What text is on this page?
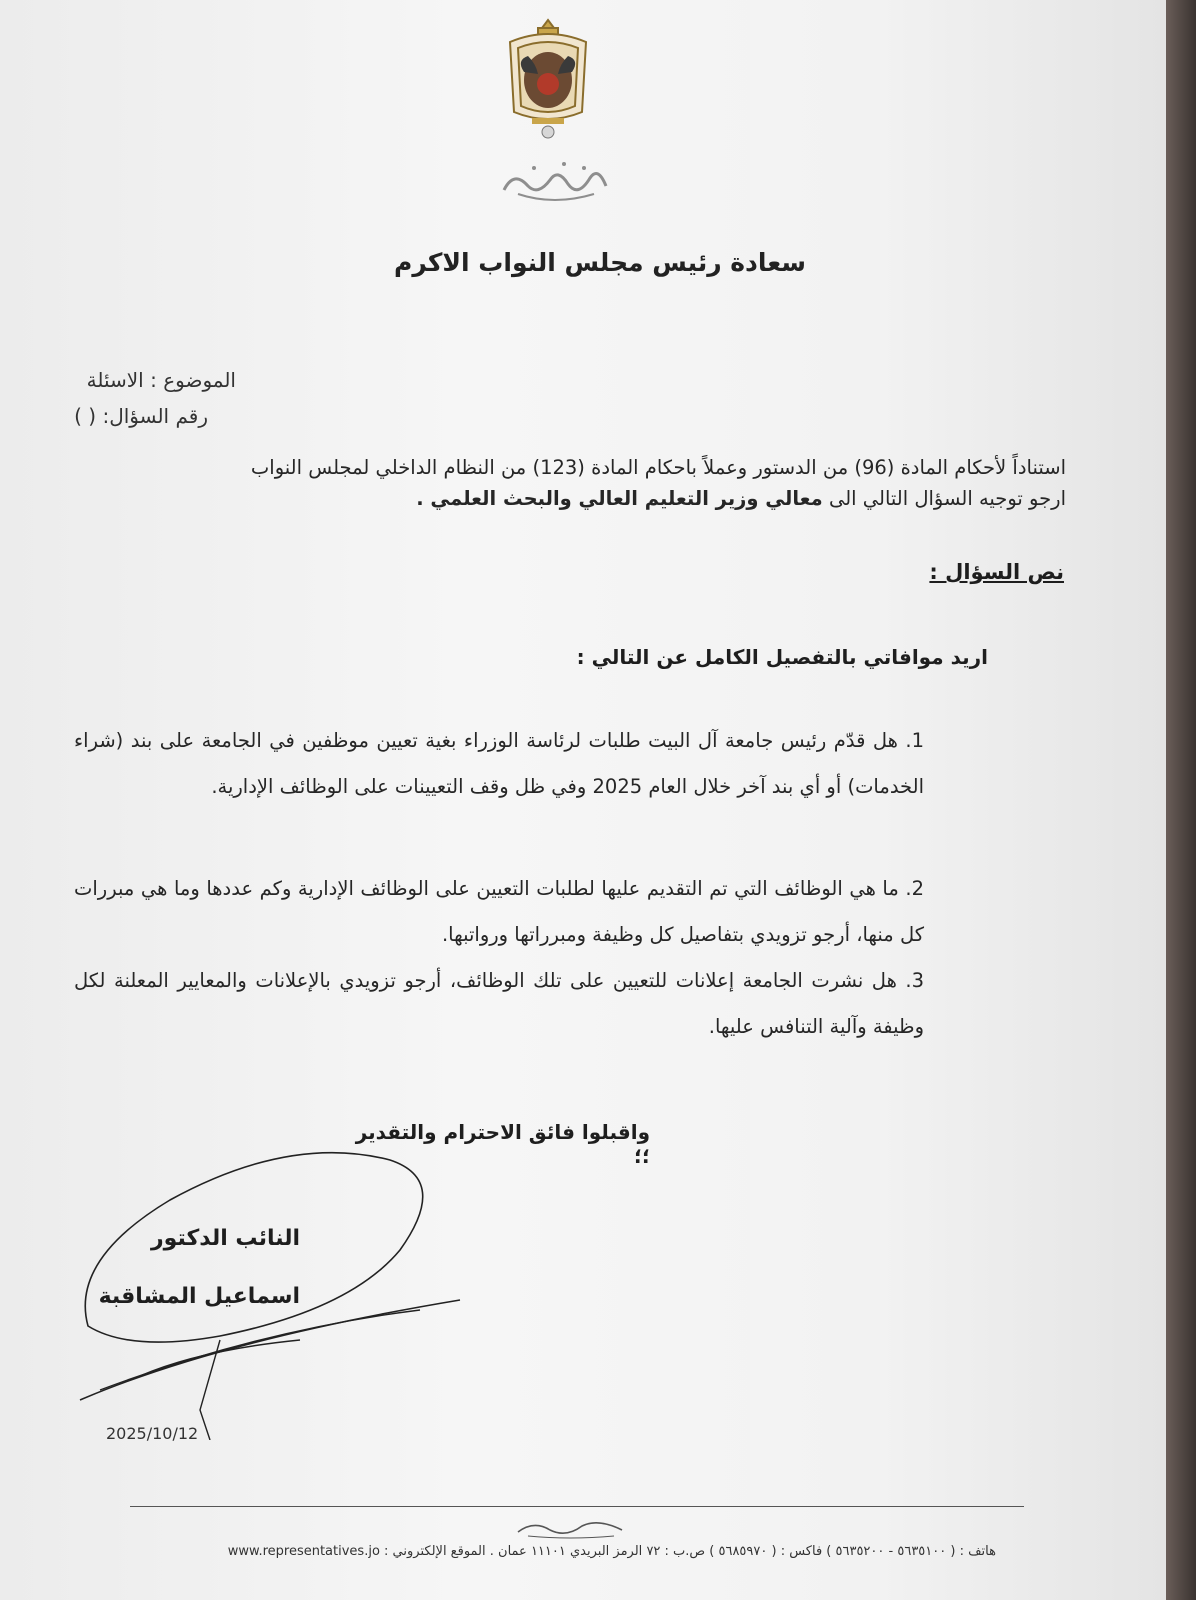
سعادة رئيس مجلس النواب الاكرم
الموضوع : الاسئلة
رقم السؤال: ( )
استناداً لأحكام المادة (96) من الدستور وعملاً باحكام المادة (123) من النظام الداخلي لمجلس النواب
ارجو توجيه السؤال التالي الى معالي وزير التعليم العالي والبحث العلمي .
نص السؤال :
اريد موافاتي بالتفصيل الكامل عن التالي :
1. هل قدّم رئيس جامعة آل البيت طلبات لرئاسة الوزراء بغية تعيين موظفين في الجامعة على بند (شراء الخدمات) أو أي بند آخر خلال العام 2025 وفي ظل وقف التعيينات على الوظائف الإدارية.
2. ما هي الوظائف التي تم التقديم عليها لطلبات التعيين على الوظائف الإدارية وكم عددها وما هي مبررات كل منها، أرجو تزويدي بتفاصيل كل وظيفة ومبرراتها ورواتبها.
3. هل نشرت الجامعة إعلانات للتعيين على تلك الوظائف، أرجو تزويدي بالإعلانات والمعايير المعلنة لكل وظيفة وآلية التنافس عليها.
واقبلوا فائق الاحترام والتقدير ؛؛
النائب الدكتور
اسماعيل المشاقبة
2025/10/12
هاتف : ( ٥٦٣٥١٠٠ - ٥٦٣٥٢٠٠ ) فاكس : ( ٥٦٨٥٩٧٠ ) ص.ب : ٧٢ الرمز البريدي ١١١٠١ عمان . الموقع الإلكتروني : www.representatives.jo
